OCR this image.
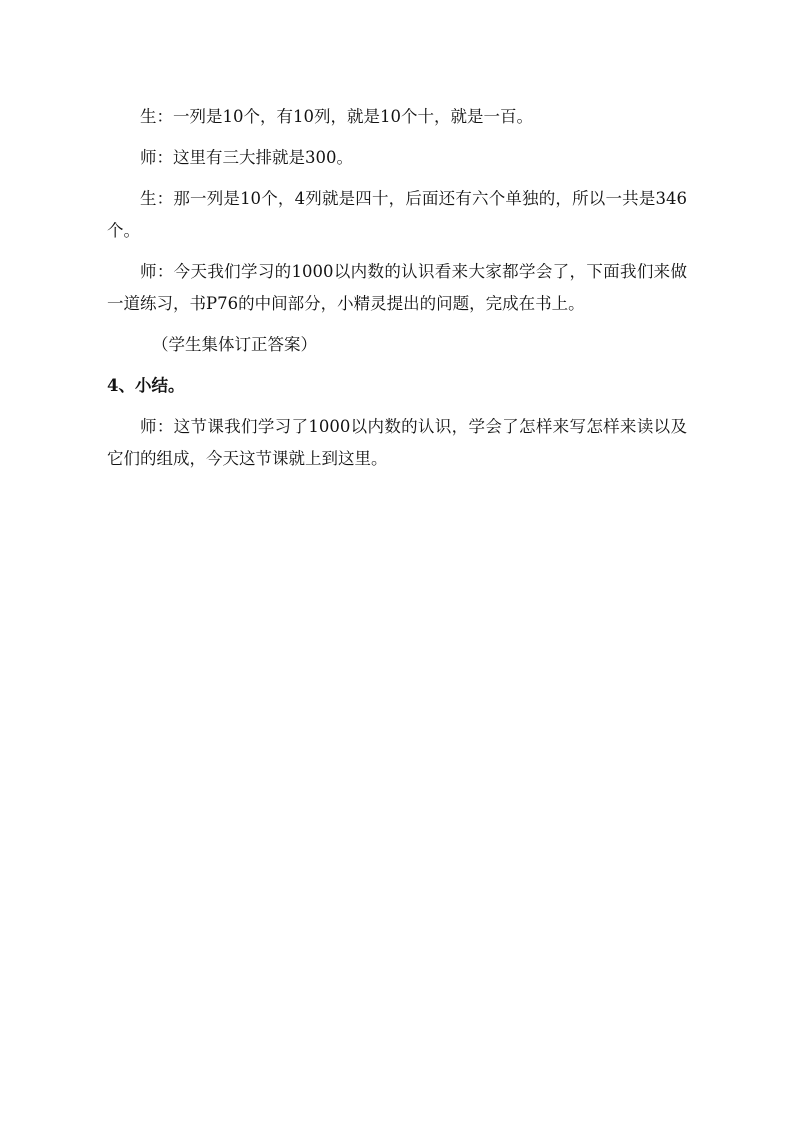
生：一列是10个，有10列，就是10个十，就是一百。

师：这里有三大排就是300。

生：那一列是10个，4列就是四十，后面还有六个单独的，所以一共是346个。

师：今天我们学习的1000以内数的认识看来大家都学会了，下面我们来做一道练习，书P76的中间部分，小精灵提出的问题，完成在书上。

（学生集体订正答案）

4、小结。

师：这节课我们学习了1000以内数的认识，学会了怎样来写怎样来读以及它们的组成，今天这节课就上到这里。
